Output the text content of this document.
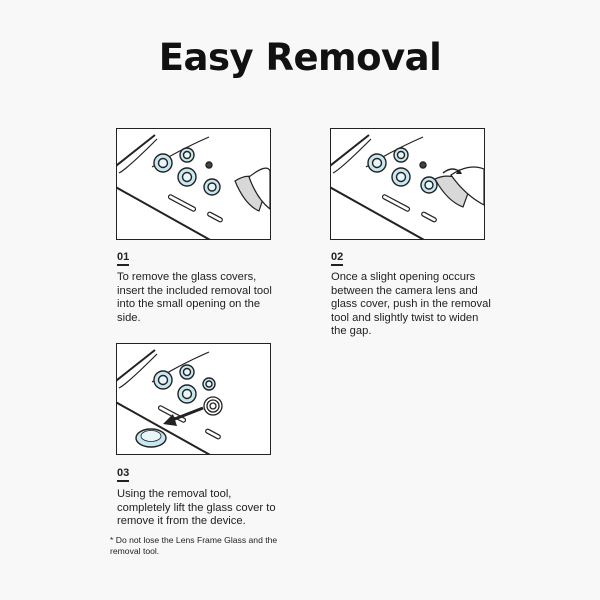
Easy Removal
01
To remove the glass covers, insert the included removal tool into the small opening on the side.
02
Once a slight opening occurs between the camera lens and glass cover, push in the removal tool and slightly twist to widen the gap.
03
Using the removal tool, completely lift the glass cover to remove it from the device.
* Do not lose the Lens Frame Glass and the removal tool.
